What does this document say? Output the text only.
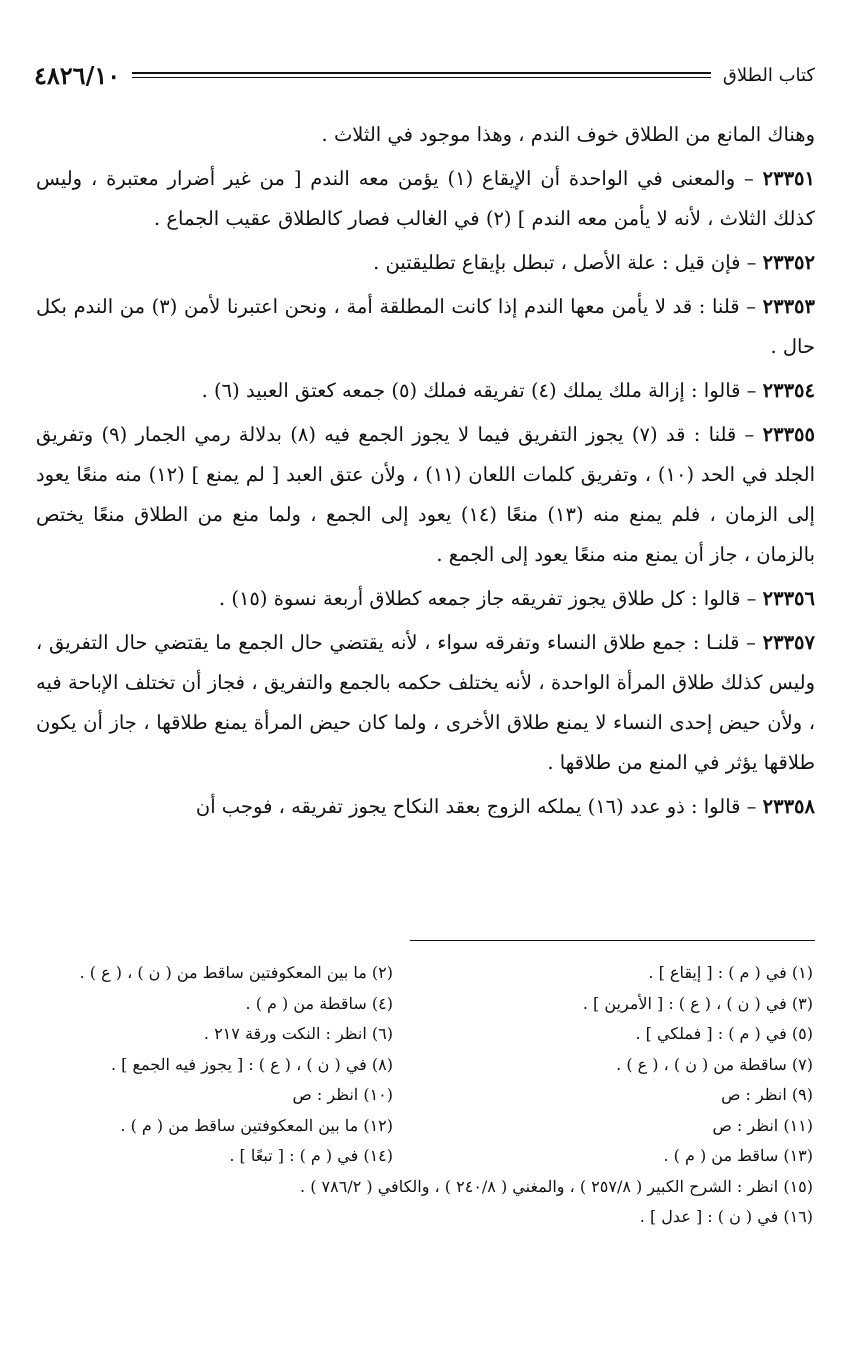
كتاب الطلاق
٤٨٢٦/١٠

وهناك المانع من الطلاق خوف الندم ، وهذا موجود في الثلاث .

٢٣٣٥١ – والمعنى في الواحدة أن الإيقاع (١) يؤمن معه الندم [ من غير أضرار معتبرة ، وليس كذلك الثلاث ، لأنه لا يأمن معه الندم ] (٢) في الغالب فصار كالطلاق عقيب الجماع .

٢٣٣٥٢ – فإن قيل : علة الأصل ، تبطل بإيقاع تطليقتين .

٢٣٣٥٣ – قلنا : قد لا يأمن معها الندم إذا كانت المطلقة أمة ، ونحن اعتبرنا لأمن (٣) من الندم بكل حال .

٢٣٣٥٤ – قالوا : إزالة ملك يملك (٤) تفريقه فملك (٥) جمعه كعتق العبيد (٦) .

٢٣٣٥٥ – قلنا : قد (٧) يجوز التفريق فيما لا يجوز الجمع فيه (٨) بدلالة رمي الجمار (٩) وتفريق الجلد في الحد (١٠) ، وتفريق كلمات اللعان (١١) ، ولأن عتق العبد [ لم يمنع ] (١٢) منه منعًا يعود إلى الزمان ، فلم يمنع منه (١٣) منعًا (١٤) يعود إلى الجمع ، ولما منع من الطلاق منعًا يختص بالزمان ، جاز أن يمنع منه منعًا يعود إلى الجمع .

٢٣٣٥٦ – قالوا : كل طلاق يجوز تفريقه جاز جمعه كطلاق أربعة نسوة (١٥) .

٢٣٣٥٧ – قلنـا : جمع طلاق النساء وتفرقه سواء ، لأنه يقتضي حال الجمع ما يقتضي حال التفريق ، وليس كذلك طلاق المرأة الواحدة ، لأنه يختلف حكمه بالجمع والتفريق ، فجاز أن تختلف الإباحة فيه ، ولأن حيض إحدى النساء لا يمنع طلاق الأخرى ، ولما كان حيض المرأة يمنع طلاقها ، جاز أن يكون طلاقها يؤثر في المنع من طلاقها .

٢٣٣٥٨ – قالوا : ذو عدد (١٦) يملكه الزوج بعقد النكاح يجوز تفريقه ، فوجب أن

(١) في ( م ) : [ إيقاع ] .
(٢) ما بين المعكوفتين ساقط من ( ن ) ، ( ع ) .
(٣) في ( ن ) ، ( ع ) : [ الأمرين ] .
(٤) ساقطة من ( م ) .
(٥) في ( م ) : [ فملكي ] .
(٦) انظر : النكت ورقة ٢١٧ .
(٧) ساقطة من ( ن ) ، ( ع ) .
(٨) في ( ن ) ، ( ع ) : [ يجوز فيه الجمع ] .
(٩) انظر : ص
(١٠) انظر : ص
(١١) انظر : ص
(١٢) ما بين المعكوفتين ساقط من ( م ) .
(١٣) ساقط من ( م ) .
(١٤) في ( م ) : [ تبعًا ] .
(١٥) انظر : الشرح الكبير ( ٢٥٧/٨ ) ، والمغني ( ٢٤٠/٨ ) ، والكافي ( ٧٨٦/٢ ) .
(١٦) في ( ن ) : [ عدل ] .
